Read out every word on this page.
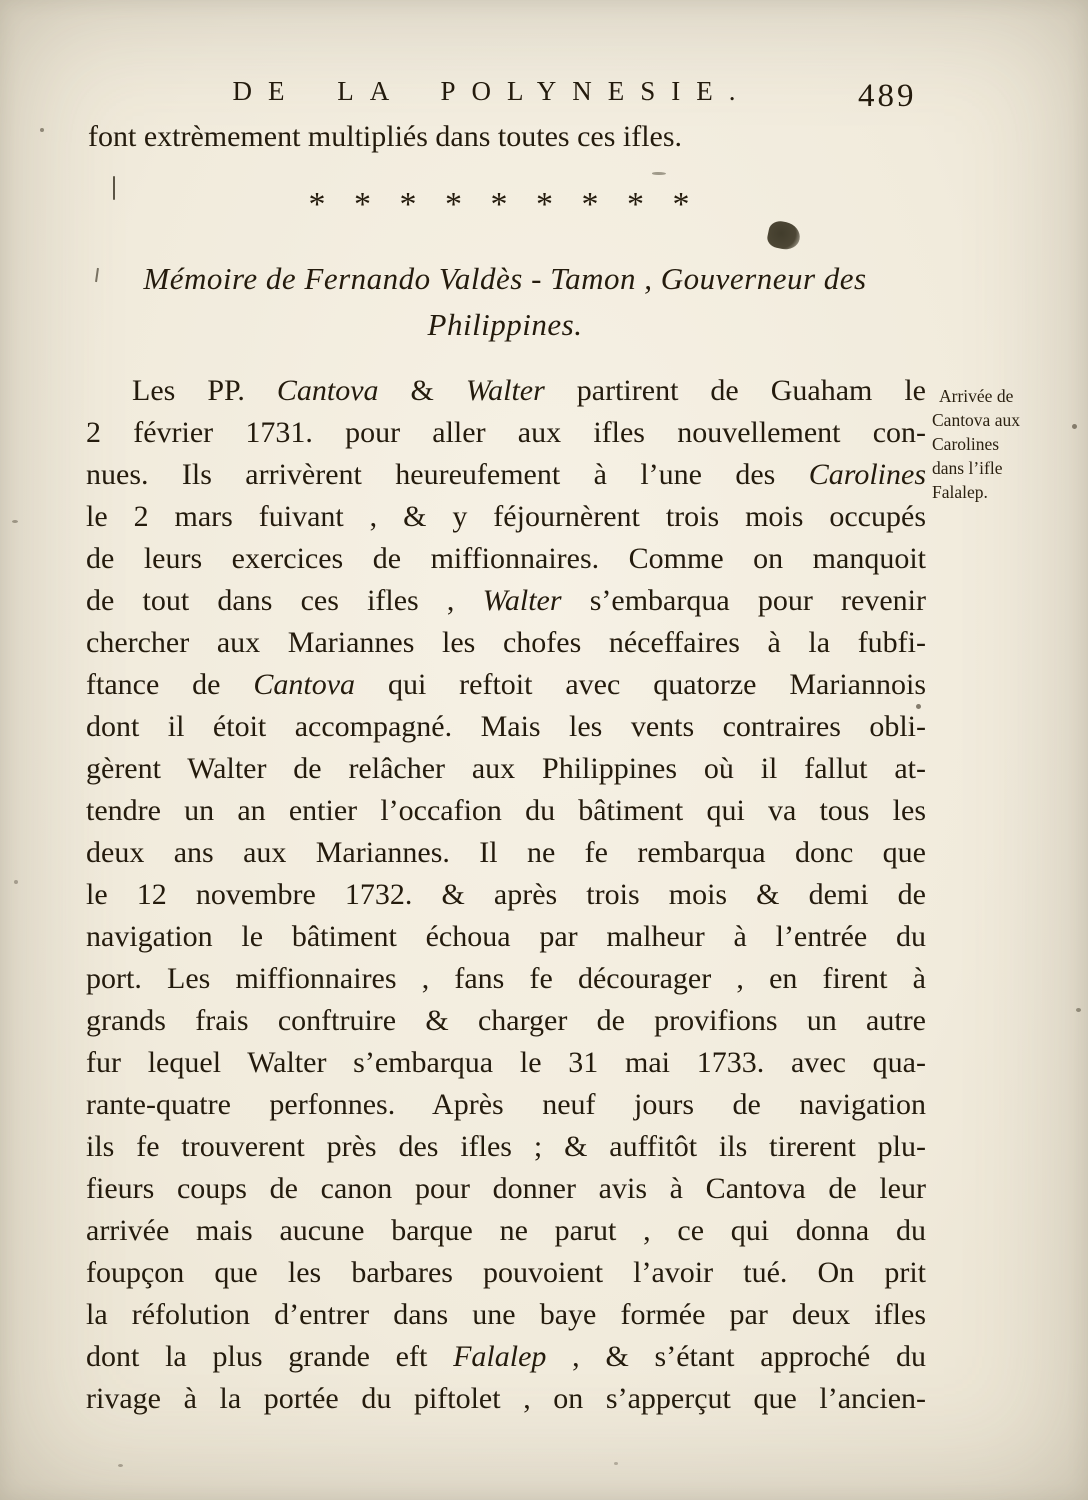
DE LA POLYNESIE.	489
font extrèmement multipliés dans toutes ces ifles.
* * * * * * * * *
Mémoire de Fernando Valdès - Tamon , Gouverneur des
Philippines.
Les PP. Cantova & Walter partirent de Guaham le
2 février 1731. pour aller aux ifles nouvellement con-
nues. Ils arrivèrent heureufement à l’une des Carolines
le 2 mars fuivant , & y féjournèrent trois mois occupés
de leurs exercices de miffionnaires. Comme on manquoit
de tout dans ces ifles , Walter s’embarqua pour revenir
chercher aux Mariannes les chofes néceffaires à la fubfi-
ftance de Cantova qui reftoit avec quatorze Mariannois
dont il étoit accompagné. Mais les vents contraires obli-
gèrent Walter de relâcher aux Philippines où il fallut at-
tendre un an entier l’occafion du bâtiment qui va tous les
deux ans aux Mariannes. Il ne fe rembarqua donc que
le 12 novembre 1732. & après trois mois & demi de
navigation le bâtiment échoua par malheur à l’entrée du
port. Les miffionnaires , fans fe décourager , en firent à
grands frais conftruire & charger de provifions un autre
fur lequel Walter s’embarqua le 31 mai 1733. avec qua-
rante-quatre perfonnes. Après neuf jours de navigation
ils fe trouverent près des ifles ; & auffitôt ils tirerent plu-
fieurs coups de canon pour donner avis à Cantova de leur
arrivée mais aucune barque ne parut , ce qui donna du
foupçon que les barbares pouvoient l’avoir tué. On prit
la réfolution d’entrer dans une baye formée par deux ifles
dont la plus grande eft Falalep , & s’étant approché du
rivage à la portée du piftolet , on s’apperçut que l’ancien-
Arrivée de
Cantova aux
Carolines
dans l’ifle
Falalep.
